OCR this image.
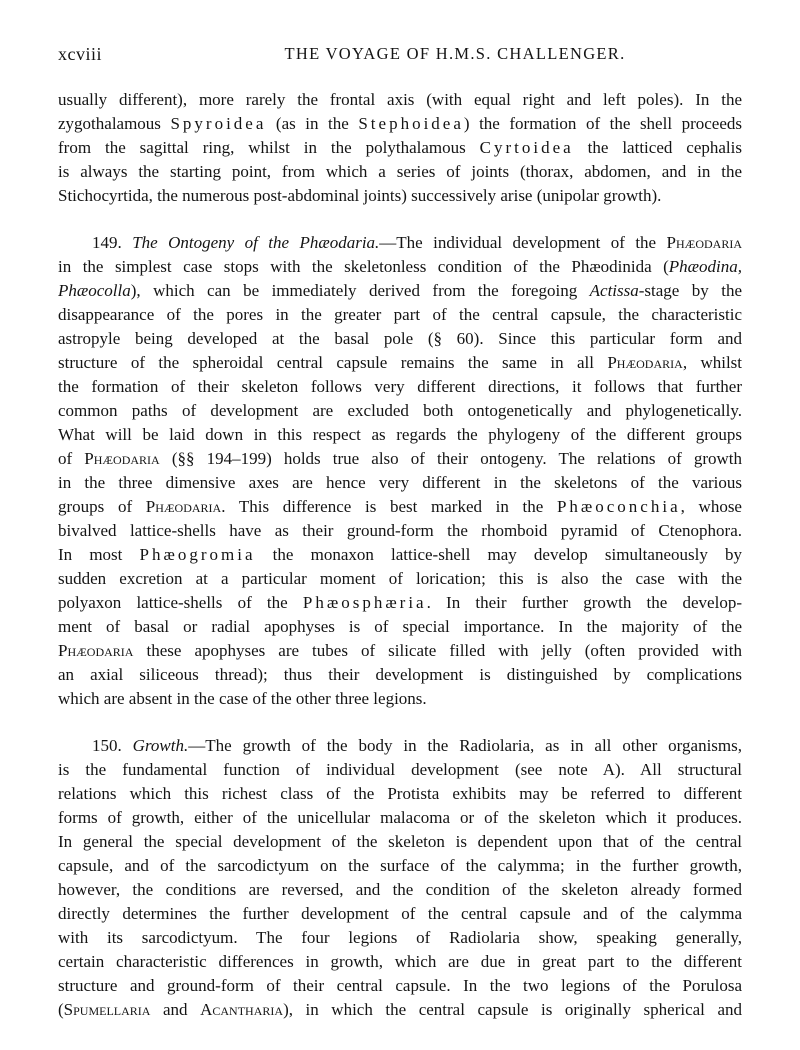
xcviii	THE VOYAGE OF H.M.S. CHALLENGER.
usually different), more rarely the frontal axis (with equal right and left poles). In the
zygothalamous Spyroidea (as in the Stephoidea) the formation of the shell proceeds
from the sagittal ring, whilst in the polythalamous Cyrtoidea the latticed cephalis
is always the starting point, from which a series of joints (thorax, abdomen, and in the
Stichocyrtida, the numerous post-abdominal joints) successively arise (unipolar growth).
149. The Ontogeny of the Phæodaria.—The individual development of the Phæodaria
in the simplest case stops with the skeletonless condition of the Phæodinida (Phæodina,
Phæocolla), which can be immediately derived from the foregoing Actissa-stage by the
disappearance of the pores in the greater part of the central capsule, the characteristic
astropyle being developed at the basal pole (§ 60). Since this particular form and
structure of the spheroidal central capsule remains the same in all Phæodaria, whilst
the formation of their skeleton follows very different directions, it follows that further
common paths of development are excluded both ontogenetically and phylogenetically.
What will be laid down in this respect as regards the phylogeny of the different groups
of Phæodaria (§§ 194–199) holds true also of their ontogeny. The relations of growth
in the three dimensive axes are hence very different in the skeletons of the various
groups of Phæodaria. This difference is best marked in the Phæoconchia, whose
bivalved lattice-shells have as their ground-form the rhomboid pyramid of Ctenophora.
In most Phæogromia the monaxon lattice-shell may develop simultaneously by
sudden excretion at a particular moment of lorication; this is also the case with the
polyaxon lattice-shells of the Phæosphæria. In their further growth the develop-
ment of basal or radial apophyses is of special importance. In the majority of the
Phæodaria these apophyses are tubes of silicate filled with jelly (often provided with
an axial siliceous thread); thus their development is distinguished by complications
which are absent in the case of the other three legions.
150. Growth.—The growth of the body in the Radiolaria, as in all other organisms,
is the fundamental function of individual development (see note A). All structural
relations which this richest class of the Protista exhibits may be referred to different
forms of growth, either of the unicellular malacoma or of the skeleton which it produces.
In general the special development of the skeleton is dependent upon that of the central
capsule, and of the sarcodictyum on the surface of the calymma; in the further growth,
however, the conditions are reversed, and the condition of the skeleton already formed
directly determines the further development of the central capsule and of the calymma
with its sarcodictyum. The four legions of Radiolaria show, speaking generally,
certain characteristic differences in growth, which are due in great part to the different
structure and ground-form of their central capsule. In the two legions of the Porulosa
(Spumellaria and Acantharia), in which the central capsule is originally spherical and
